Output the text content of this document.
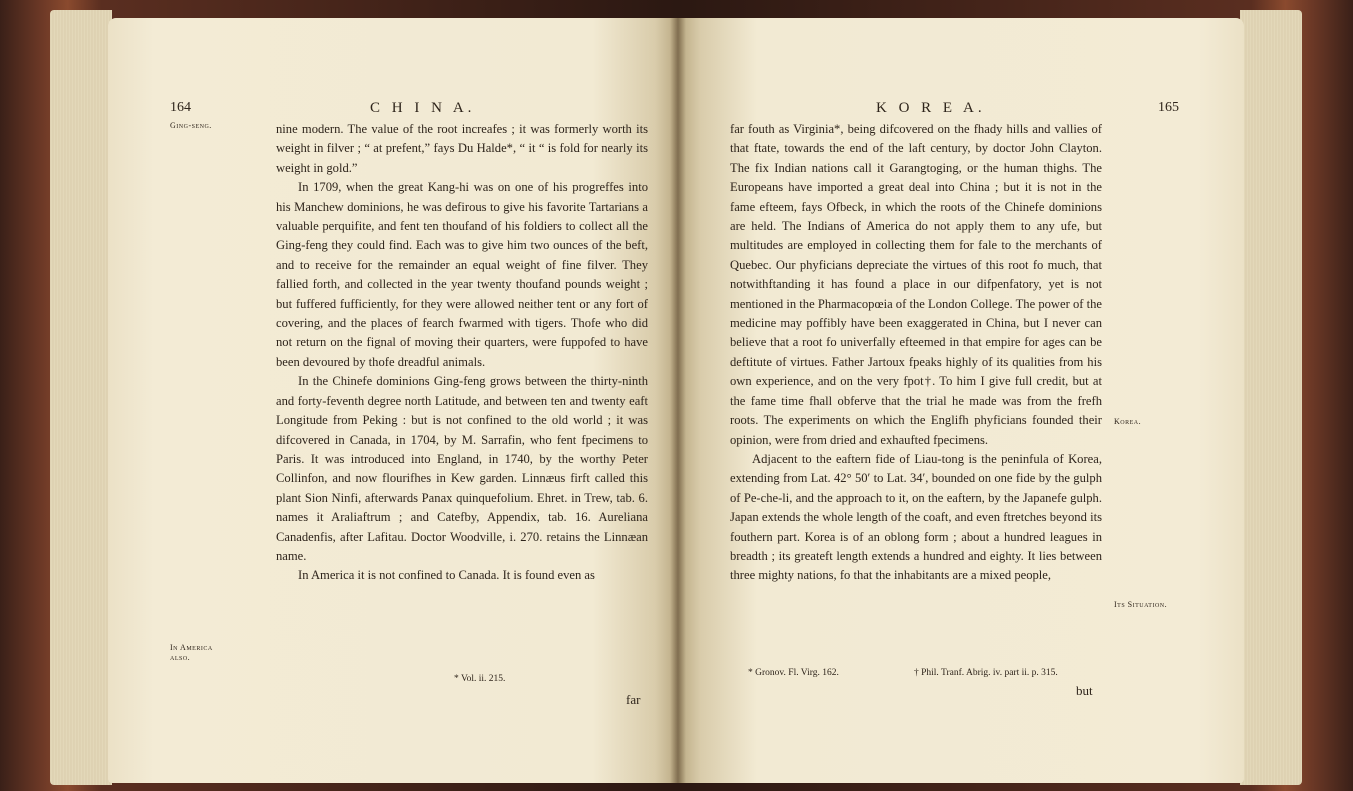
164	C H I N A.
Ging-seng.
In America also.

nine modern. The value of the root increafes ; it was formerly worth its weight in filver ; “ at prefent,” fays Du Halde*, “ it “ is fold for nearly its weight in gold.”

In 1709, when the great Kang-hi was on one of his progreffes into his Manchew dominions, he was defirous to give his favorite Tartarians a valuable perquifite, and fent ten thoufand of his foldiers to collect all the Ging-feng they could find. Each was to give him two ounces of the beft, and to receive for the remainder an equal weight of fine filver. They fallied forth, and collected in the year twenty thoufand pounds weight ; but fuffered fufficiently, for they were allowed neither tent or any fort of covering, and the places of fearch fwarmed with tigers. Thofe who did not return on the fignal of moving their quarters, were fuppofed to have been devoured by thofe dreadful animals.

In the Chinefe dominions Ging-feng grows between the thirty-ninth and forty-feventh degree north Latitude, and between ten and twenty eaft Longitude from Peking : but is not confined to the old world ; it was difcovered in Canada, in 1704, by M. Sarrafin, who fent fpecimens to Paris. It was introduced into England, in 1740, by the worthy Peter Collinfon, and now flourifhes in Kew garden. Linnæus firft called this plant Sion Ninfi, afterwards Panax quinquefolium. Ehret. in Trew, tab. 6. names it Araliaftrum ; and Catefby, Appendix, tab. 16. Aureliana Canadenfis, after Lafitau. Doctor Woodville, i. 270. retains the Linnæan name.

In America it is not confined to Canada. It is found even as

* Vol. ii. 215.
far
K O R E A.	165

far fouth as Virginia*, being difcovered on the fhady hills and vallies of that ftate, towards the end of the laft century, by doctor John Clayton. The fix Indian nations call it Garangtoging, or the human thighs. The Europeans have imported a great deal into China ; but it is not in the fame efteem, fays Ofbeck, in which the roots of the Chinefe dominions are held. The Indians of America do not apply them to any ufe, but multitudes are employed in collecting them for fale to the merchants of Quebec. Our phyficians depreciate the virtues of this root fo much, that notwithftanding it has found a place in our difpenfatory, yet is not mentioned in the Pharmacopœia of the London College. The power of the medicine may poffibly have been exaggerated in China, but I never can believe that a root fo univerfally efteemed in that empire for ages can be deftitute of virtues. Father Jartoux fpeaks highly of its qualities from his own experience, and on the very fpot†. To him I give full credit, but at the fame time fhall obferve that the trial he made was from the frefh roots. The experiments on which the Englifh phyficians founded their opinion, were from dried and exhaufted fpecimens.

Adjacent to the eaftern fide of Liau-tong is the peninfula of Korea, extending from Lat. 42° 50′ to Lat. 34′, bounded on one fide by the gulph of Pe-che-li, and the approach to it, on the eaftern, by the Japanefe gulph. Japan extends the whole length of the coaft, and even ftretches beyond its fouthern part. Korea is of an oblong form ; about a hundred leagues in breadth ; its greateft length extends a hundred and eighty. It lies between three mighty nations, fo that the inhabitants are a mixed people,

Korea.
Its Situation.
* Gronov. Fl. Virg. 162.	† Phil. Tranf. Abrig. iv. part ii. p. 315.
but
